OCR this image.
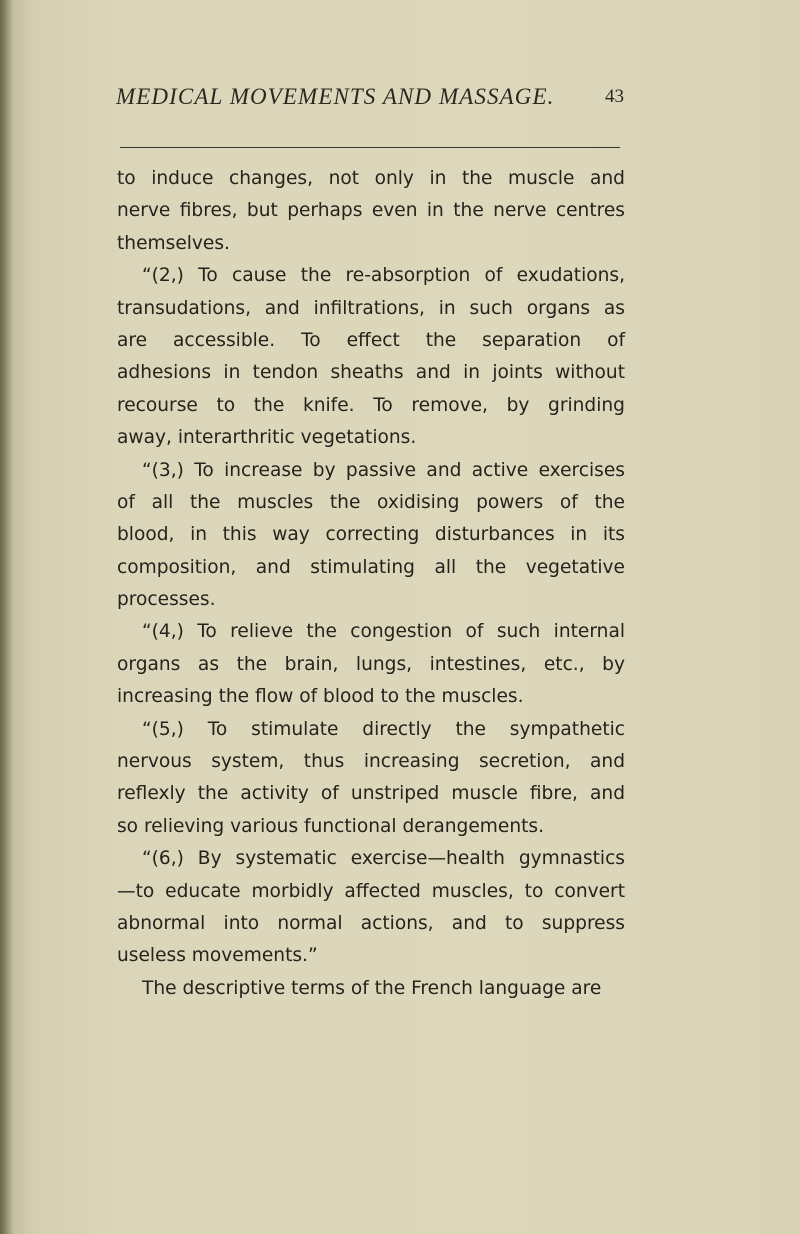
MEDICAL MOVEMENTS AND MASSAGE.	43
to induce changes, not only in the muscle and
nerve fibres, but perhaps even in the nerve centres
themselves.
“(2,) To cause the re-absorption of exudations,
transudations, and infiltrations, in such organs as
are accessible. To effect the separation of
adhesions in tendon sheaths and in joints without
recourse to the knife. To remove, by grinding
away, interarthritic vegetations.
“(3,) To increase by passive and active exercises
of all the muscles the oxidising powers of the
blood, in this way correcting disturbances in its
composition, and stimulating all the vegetative
processes.
“(4,) To relieve the congestion of such internal
organs as the brain, lungs, intestines, etc., by
increasing the flow of blood to the muscles.
“(5,) To stimulate directly the sympathetic
nervous system, thus increasing secretion, and
reflexly the activity of unstriped muscle fibre, and
so relieving various functional derangements.
“(6,) By systematic exercise—health gymnastics
—to educate morbidly affected muscles, to convert
abnormal into normal actions, and to suppress
useless movements.”
The descriptive terms of the French language are
